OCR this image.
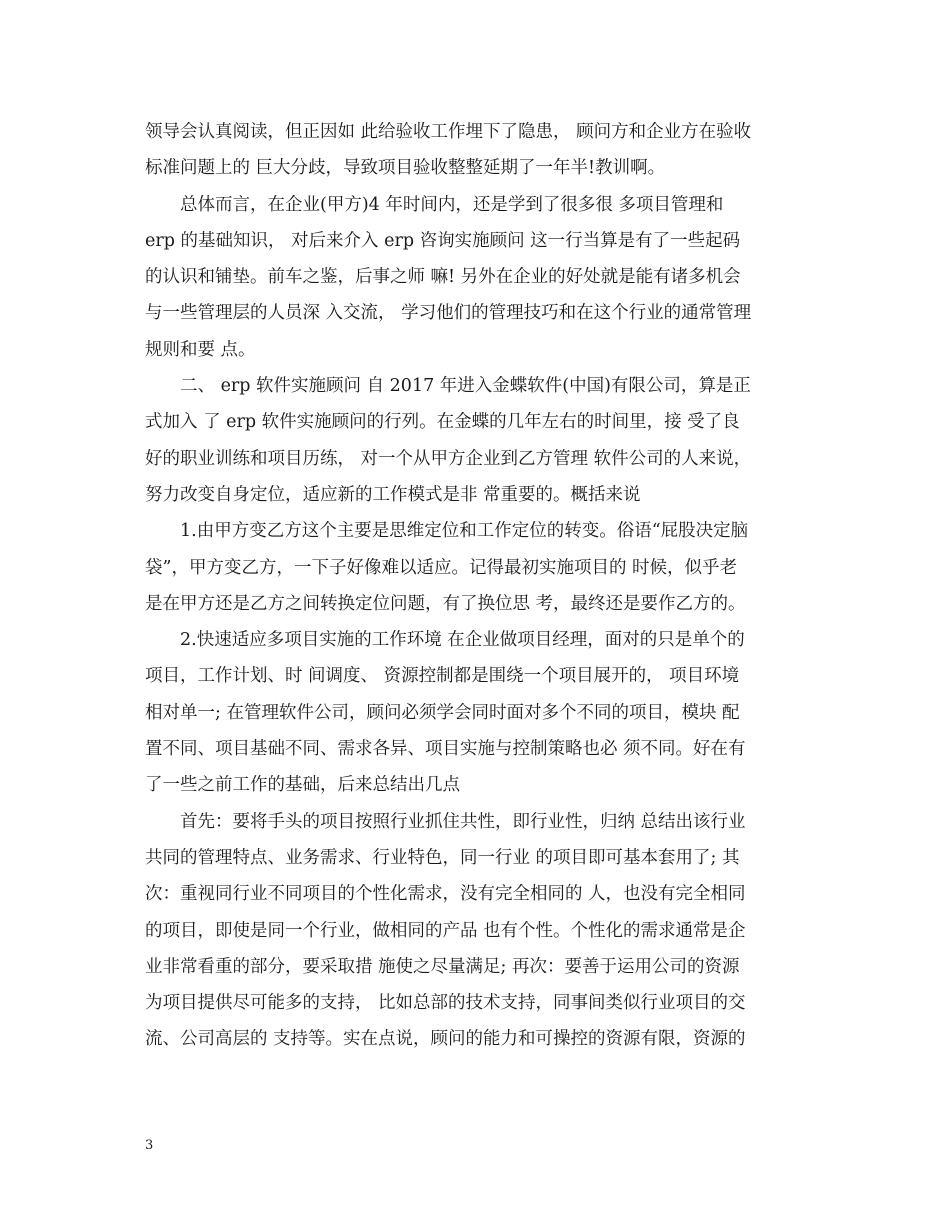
领导会认真阅读，但正因如 此给验收工作埋下了隐患， 顾问方和企业方在验收
标准问题上的 巨大分歧，导致项目验收整整延期了一年半!教训啊。

总体而言，在企业(甲方)4 年时间内，还是学到了很多很 多项目管理和
erp 的基础知识， 对后来介入 erp 咨询实施顾问 这一行当算是有了一些起码
的认识和铺垫。前车之鉴，后事之师 嘛! 另外在企业的好处就是能有诸多机会
与一些管理层的人员深 入交流， 学习他们的管理技巧和在这个行业的通常管理
规则和要 点。

二、 erp 软件实施顾问 自 2017 年进入金蝶软件(中国)有限公司，算是正
式加入 了 erp 软件实施顾问的行列。在金蝶的几年左右的时间里，接 受了良
好的职业训练和项目历练， 对一个从甲方企业到乙方管理 软件公司的人来说，
努力改变自身定位，适应新的工作模式是非 常重要的。概括来说

1.由甲方变乙方这个主要是思维定位和工作定位的转变。俗语“屁股决定脑
袋”，甲方变乙方，一下子好像难以适应。记得最初实施项目的 时候，似乎老
是在甲方还是乙方之间转换定位问题，有了换位思 考，最终还是要作乙方的。

2.快速适应多项目实施的工作环境 在企业做项目经理，面对的只是单个的
项目，工作计划、时 间调度、 资源控制都是围绕一个项目展开的， 项目环境
相对单一; 在管理软件公司，顾问必须学会同时面对多个不同的项目，模块 配
置不同、项目基础不同、需求各异、项目实施与控制策略也必 须不同。好在有
了一些之前工作的基础，后来总结出几点

首先：要将手头的项目按照行业抓住共性，即行业性，归纳 总结出该行业
共同的管理特点、业务需求、行业特色，同一行业 的项目即可基本套用了; 其
次：重视同行业不同项目的个性化需求，没有完全相同的 人，也没有完全相同
的项目，即使是同一个行业，做相同的产品 也有个性。个性化的需求通常是企
业非常看重的部分，要采取措 施使之尽量满足; 再次：要善于运用公司的资源
为项目提供尽可能多的支持， 比如总部的技术支持，同事间类似行业项目的交
流、公司高层的 支持等。实在点说，顾问的能力和可操控的资源有限，资源的

3
